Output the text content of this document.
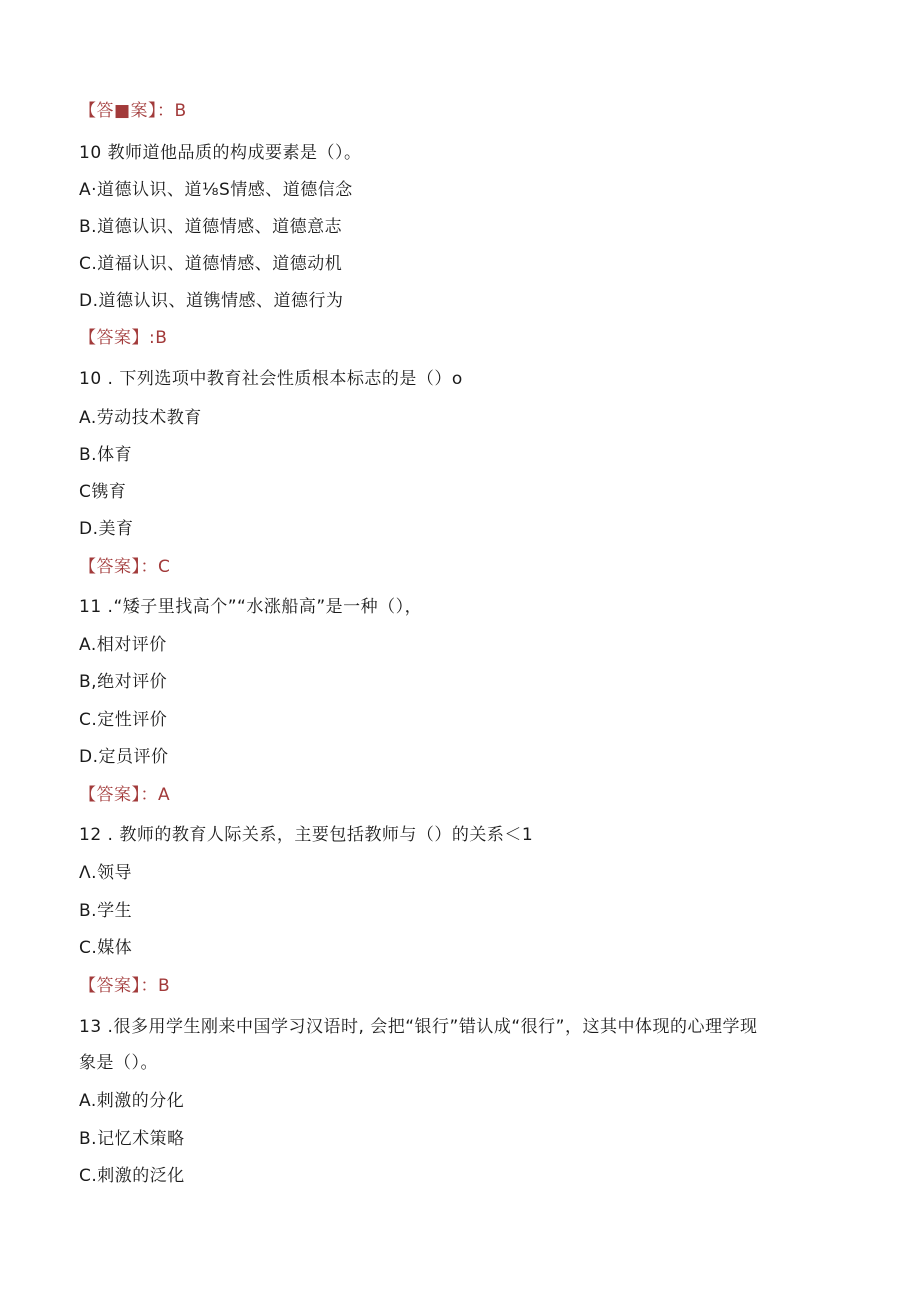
【答■案】：B
10 教师道他品质的构成要素是（）。
A·道德认识、道⅛S情感、道德信念
B.道德认识、道德情感、道德意志
C.道福认识、道德情感、道德动机
D.道德认识、道镌情感、道德行为
【答案】:B
10 . 下列选项中教育社会性质根本标志的是（）o
A.劳动技术教育
B.体育
C镌育
D.美育
【答案】：C
11 .“矮子里找高个”“水涨船高”是一种（），
A.相对评价
B,绝对评价
C.定性评价
D.定员评价
【答案】：A
12 . 教师的教育人际关系，主要包括教师与（）的关系＜1
Λ.领导
B.学生
C.媒体
【答案】：B
13 .很多用学生刚来中国学习汉语时, 会把“银行”错认成“很行”，这其中体现的心理学现
象是（）。
A.刺激的分化
B.记忆术策略
C.刺激的泛化
